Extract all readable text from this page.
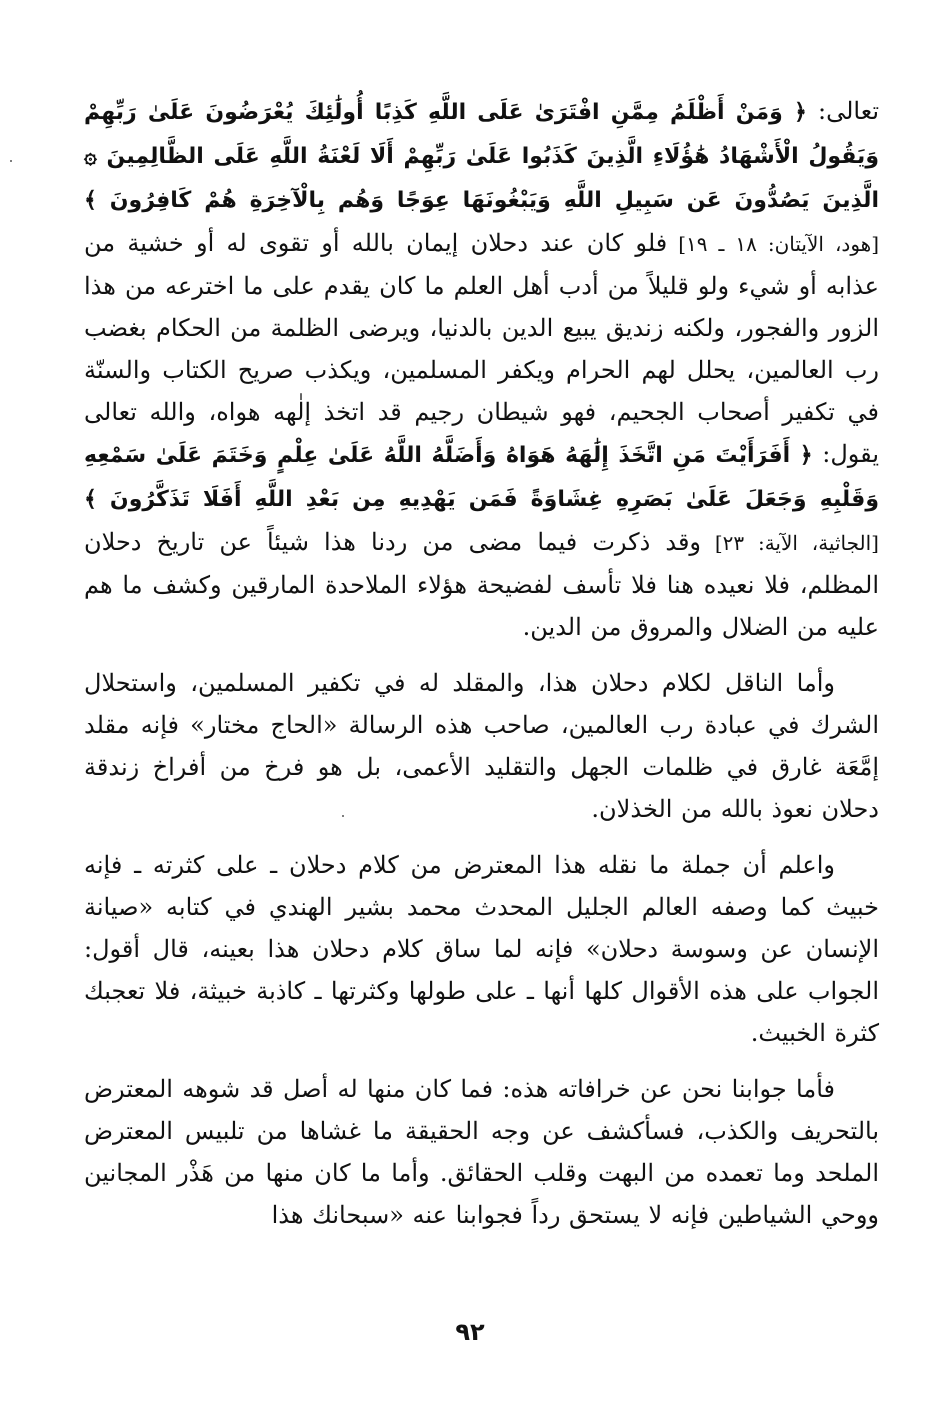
تعالى: ﴿ وَمَنْ أَظْلَمُ مِمَّنِ افْتَرَىٰ عَلَى اللَّهِ كَذِبًا أُولَٰئِكَ يُعْرَضُونَ عَلَىٰ رَبِّهِمْ وَيَقُولُ الْأَشْهَادُ هَٰؤُلَاءِ الَّذِينَ كَذَبُوا عَلَىٰ رَبِّهِمْ أَلَا لَعْنَةُ اللَّهِ عَلَى الظَّالِمِينَ ۞ الَّذِينَ يَصُدُّونَ عَن سَبِيلِ اللَّهِ وَيَبْغُونَهَا عِوَجًا وَهُم بِالْآخِرَةِ هُمْ كَافِرُونَ ﴾ [هود، الآيتان: ١٨ ـ ١٩] فلو كان عند دحلان إيمان بالله أو تقوى له أو خشية من عذابه أو شيء ولو قليلاً من أدب أهل العلم ما كان يقدم على ما اخترعه من هذا الزور والفجور، ولكنه زنديق يبيع الدين بالدنيا، ويرضى الظلمة من الحكام بغضب رب العالمين، يحلل لهم الحرام ويكفر المسلمين، ويكذب صريح الكتاب والسنّة في تكفير أصحاب الجحيم، فهو شيطان رجيم قد اتخذ إلٰهه هواه، والله تعالى يقول: ﴿ أَفَرَأَيْتَ مَنِ اتَّخَذَ إِلَٰهَهُ هَوَاهُ وَأَضَلَّهُ اللَّهُ عَلَىٰ عِلْمٍ وَخَتَمَ عَلَىٰ سَمْعِهِ وَقَلْبِهِ وَجَعَلَ عَلَىٰ بَصَرِهِ غِشَاوَةً فَمَن يَهْدِيهِ مِن بَعْدِ اللَّهِ أَفَلَا تَذَكَّرُونَ ﴾ [الجاثية، الآية: ٢٣] وقد ذكرت فيما مضى من ردنا هذا شيئاً عن تاريخ دحلان المظلم، فلا نعيده هنا فلا تأسف لفضيحة هؤلاء الملاحدة المارقين وكشف ما هم عليه من الضلال والمروق من الدين.

وأما الناقل لكلام دحلان هذا، والمقلد له في تكفير المسلمين، واستحلال الشرك في عبادة رب العالمين، صاحب هذه الرسالة «الحاج مختار» فإنه مقلد إمَّعَة غارق في ظلمات الجهل والتقليد الأعمى، بل هو فرخ من أفراخ زندقة دحلان نعوذ بالله من الخذلان.

واعلم أن جملة ما نقله هذا المعترض من كلام دحلان ـ على كثرته ـ فإنه خبيث كما وصفه العالم الجليل المحدث محمد بشير الهندي في كتابه «صيانة الإنسان عن وسوسة دحلان» فإنه لما ساق كلام دحلان هذا بعينه، قال أقول: الجواب على هذه الأقوال كلها أنها ـ على طولها وكثرتها ـ كاذبة خبيثة، فلا تعجبك كثرة الخبيث.

فأما جوابنا نحن عن خرافاته هذه: فما كان منها له أصل قد شوهه المعترض بالتحريف والكذب، فسأكشف عن وجه الحقيقة ما غشاها من تلبيس المعترض الملحد وما تعمده من البهت وقلب الحقائق. وأما ما كان منها من هَذْر المجانين ووحي الشياطين فإنه لا يستحق رداً فجوابنا عنه «سبحانك هذا

٩٢
